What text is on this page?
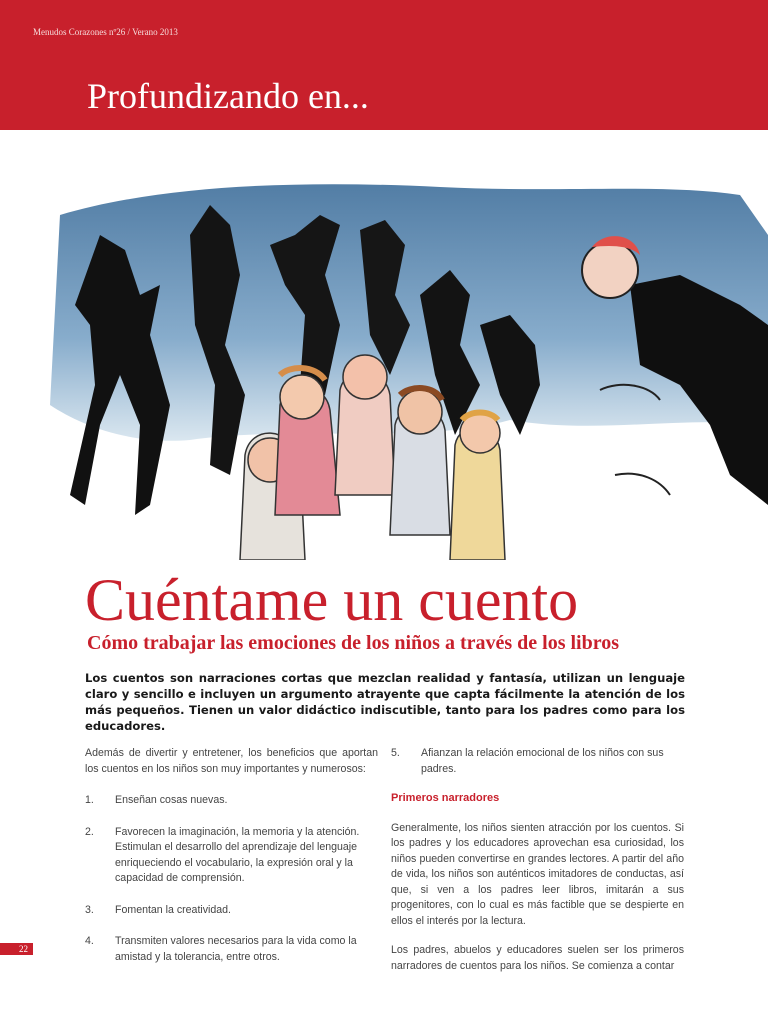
Menudos Corazones nº26 / Verano 2013
Profundizando en...
Cuéntame un cuento
Cómo trabajar las emociones de los niños a través de los libros
Los cuentos son narraciones cortas que mezclan realidad y fantasía, utilizan un lenguaje claro y sencillo e incluyen un argumento atrayente que capta fácilmente la atención de los más pequeños. Tienen un valor didáctico indiscutible, tanto para los padres como para los educadores.

Además de divertir y entretener, los beneficios que aportan los cuentos en los niños son muy importantes y numerosos:

1.	Enseñan cosas nuevas.
2.	Favorecen la imaginación, la memoria y la atención. Estimulan el desarrollo del aprendizaje del lenguaje enriqueciendo el vocabulario, la expresión oral y la capacidad de comprensión.
3.	Fomentan la creatividad.
4.	Transmiten valores necesarios para la vida como la amistad y la tolerancia, entre otros.
5.	Afianzan la relación emocional de los niños con sus padres.
Primeros narradores

Generalmente, los niños sienten atracción por los cuentos. Si los padres y los educadores aprovechan esa curiosidad, los niños pueden convertirse en grandes lectores. A partir del año de vida, los niños son auténticos imitadores de conductas, así que, si ven a los padres leer libros, imitarán a sus progenitores, con lo cual es más factible que se despierte en ellos el interés por la lectura.

Los padres, abuelos y educadores suelen ser los primeros narradores de cuentos para los niños. Se comienza a contar

22
